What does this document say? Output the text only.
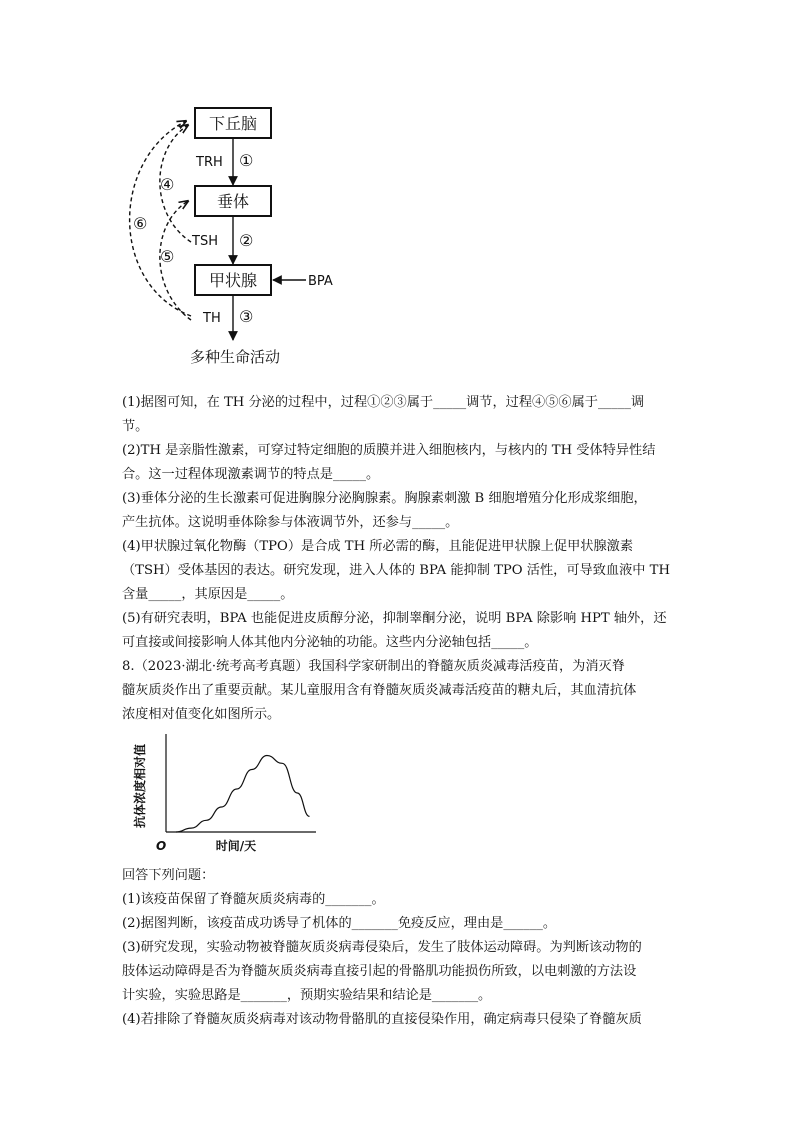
下丘脑
垂体
甲状腺
TRH ①
TSH ②
TH ③
BPA
④
⑥
⑤
多种生命活动

(1)据图可知，在 TH 分泌的过程中，过程①②③属于_____调节，过程④⑤⑥属于_____调

节。

(2)TH 是亲脂性激素，可穿过特定细胞的质膜并进入细胞核内，与核内的 TH 受体特异性结

合。这一过程体现激素调节的特点是_____。

(3)垂体分泌的生长激素可促进胸腺分泌胸腺素。胸腺素刺激 B 细胞增殖分化形成浆细胞，

产生抗体。这说明垂体除参与体液调节外，还参与_____。

(4)甲状腺过氧化物酶（TPO）是合成 TH 所必需的酶，且能促进甲状腺上促甲状腺激素

（TSH）受体基因的表达。研究发现，进入人体的 BPA 能抑制 TPO 活性，可导致血液中 TH

含量_____，其原因是_____。

(5)有研究表明，BPA 也能促进皮质醇分泌，抑制睾酮分泌，说明 BPA 除影响 HPT 轴外，还

可直接或间接影响人体其他内分泌轴的功能。这些内分泌轴包括_____。

8.（2023·湖北·统考高考真题）我国科学家研制出的脊髓灰质炎减毒活疫苗，为消灭脊

髓灰质炎作出了重要贡献。某儿童服用含有脊髓灰质炎减毒活疫苗的糖丸后，其血清抗体

浓度相对值变化如图所示。

抗体浓度相对值
时间/天
O

回答下列问题：

(1)该疫苗保留了脊髓灰质炎病毒的_______。

(2)据图判断，该疫苗成功诱导了机体的_______免疫反应，理由是______。

(3)研究发现，实验动物被脊髓灰质炎病毒侵染后，发生了肢体运动障碍。为判断该动物的

肢体运动障碍是否为脊髓灰质炎病毒直接引起的骨骼肌功能损伤所致，以电刺激的方法设

计实验，实验思路是_______，预期实验结果和结论是_______。

(4)若排除了脊髓灰质炎病毒对该动物骨骼肌的直接侵染作用，确定病毒只侵染了脊髓灰质
